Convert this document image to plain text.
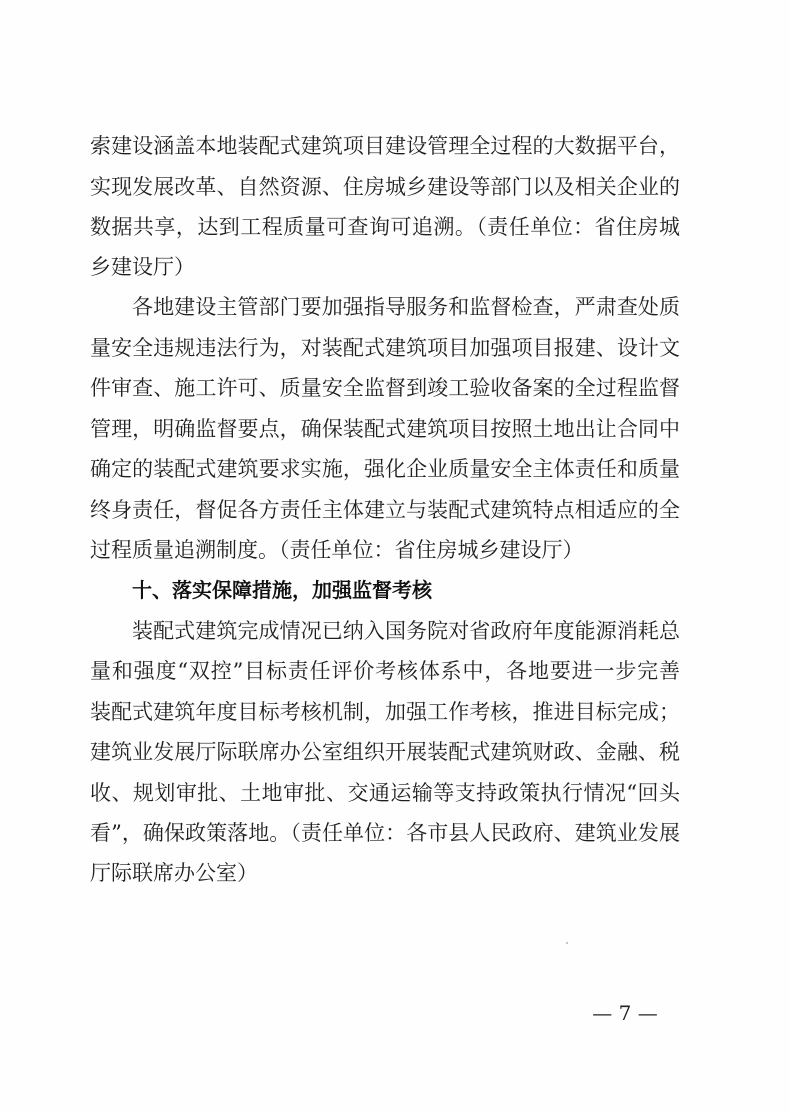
索建设涵盖本地装配式建筑项目建设管理全过程的大数据平台，
实现发展改革、自然资源、住房城乡建设等部门以及相关企业的
数据共享，达到工程质量可查询可追溯。（责任单位：省住房城
乡建设厅）
各地建设主管部门要加强指导服务和监督检查，严肃查处质
量安全违规违法行为，对装配式建筑项目加强项目报建、设计文
件审查、施工许可、质量安全监督到竣工验收备案的全过程监督
管理，明确监督要点，确保装配式建筑项目按照土地出让合同中
确定的装配式建筑要求实施，强化企业质量安全主体责任和质量
终身责任，督促各方责任主体建立与装配式建筑特点相适应的全
过程质量追溯制度。（责任单位：省住房城乡建设厅）
十、落实保障措施，加强监督考核
装配式建筑完成情况已纳入国务院对省政府年度能源消耗总
量和强度“双控”目标责任评价考核体系中，各地要进一步完善
装配式建筑年度目标考核机制，加强工作考核，推进目标完成；
建筑业发展厅际联席办公室组织开展装配式建筑财政、金融、税
收、规划审批、土地审批、交通运输等支持政策执行情况“回头
看”，确保政策落地。（责任单位：各市县人民政府、建筑业发展
厅际联席办公室）
— 7 —
